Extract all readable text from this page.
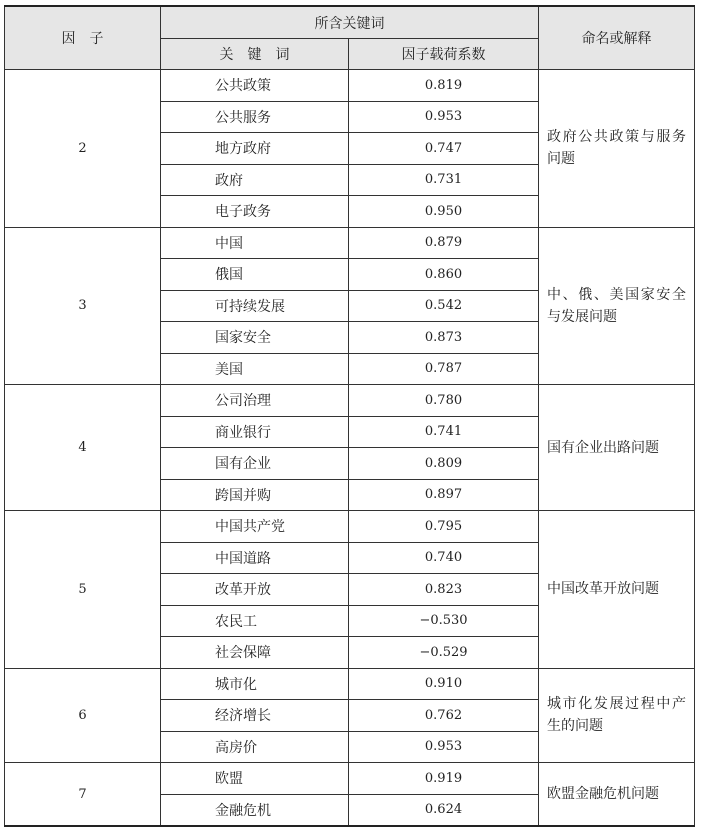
因　子	所含关键词		命名或解释
	关　键　词	因子载荷系数	
2	公共政策	0.819	政府公共政策与服务问题
	公共服务	0.953	
	地方政府	0.747	
	政府	0.731	
	电子政务	0.950	
3	中国	0.879	中、俄、美国家安全与发展问题
	俄国	0.860	
	可持续发展	0.542	
	国家安全	0.873	
	美国	0.787	
4	公司治理	0.780	国有企业出路问题
	商业银行	0.741	
	国有企业	0.809	
	跨国并购	0.897	
5	中国共产党	0.795	中国改革开放问题
	中国道路	0.740	
	改革开放	0.823	
	农民工	−0.530	
	社会保障	−0.529	
6	城市化	0.910	城市化发展过程中产生的问题
	经济增长	0.762	
	高房价	0.953	
7	欧盟	0.919	欧盟金融危机问题
	金融危机	0.624	
